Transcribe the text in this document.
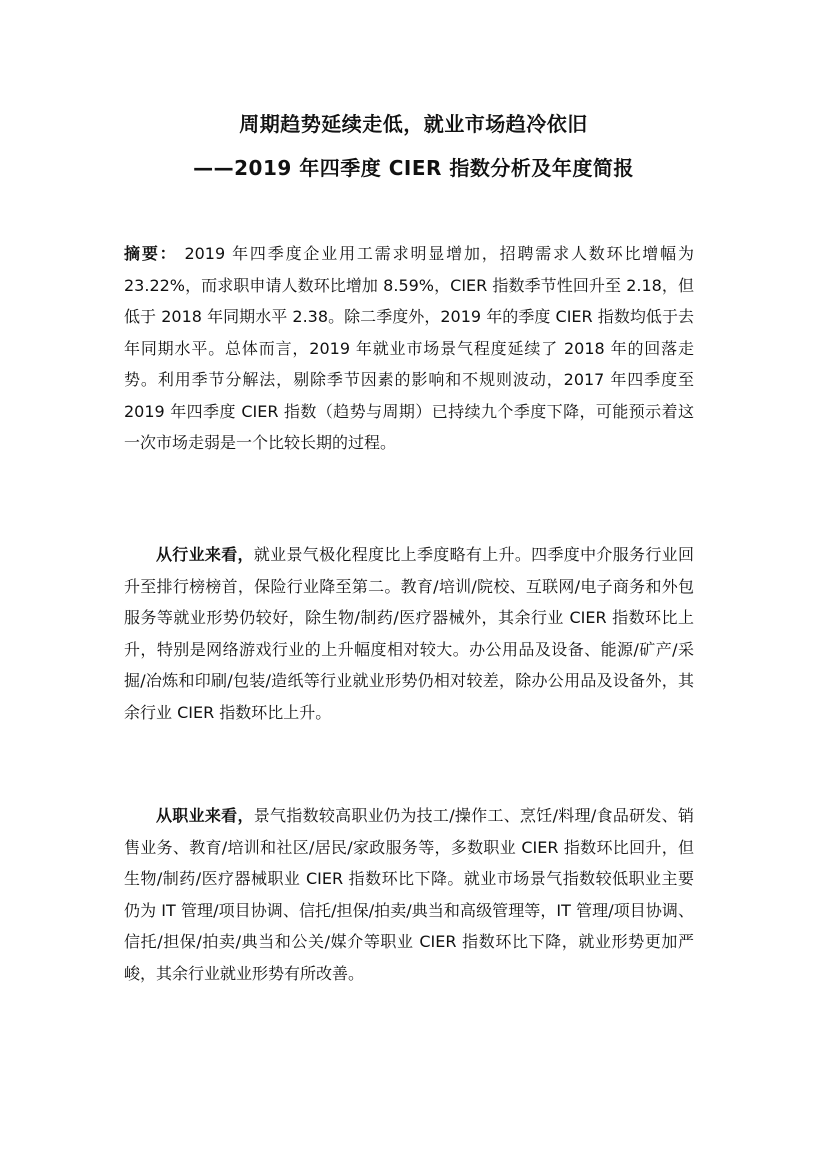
周期趋势延续走低，就业市场趋冷依旧
——2019 年四季度 CIER 指数分析及年度简报

摘要： 2019 年四季度企业用工需求明显增加，招聘需求人数环比增幅为 23.22%，而求职申请人数环比增加 8.59%，CIER 指数季节性回升至 2.18，但低于 2018 年同期水平 2.38。除二季度外，2019 年的季度 CIER 指数均低于去年同期水平。总体而言，2019 年就业市场景气程度延续了 2018 年的回落走势。利用季节分解法，剔除季节因素的影响和不规则波动，2017 年四季度至 2019 年四季度 CIER 指数（趋势与周期）已持续九个季度下降，可能预示着这一次市场走弱是一个比较长期的过程。

从行业来看，就业景气极化程度比上季度略有上升。四季度中介服务行业回升至排行榜榜首，保险行业降至第二。教育/培训/院校、互联网/电子商务和外包服务等就业形势仍较好，除生物/制药/医疗器械外，其余行业 CIER 指数环比上升，特别是网络游戏行业的上升幅度相对较大。办公用品及设备、能源/矿产/采掘/冶炼和印刷/包装/造纸等行业就业形势仍相对较差，除办公用品及设备外，其余行业 CIER 指数环比上升。

从职业来看，景气指数较高职业仍为技工/操作工、烹饪/料理/食品研发、销售业务、教育/培训和社区/居民/家政服务等，多数职业 CIER 指数环比回升，但生物/制药/医疗器械职业 CIER 指数环比下降。就业市场景气指数较低职业主要仍为 IT 管理/项目协调、信托/担保/拍卖/典当和高级管理等，IT 管理/项目协调、信托/担保/拍卖/典当和公关/媒介等职业 CIER 指数环比下降，就业形势更加严峻，其余行业就业形势有所改善。
